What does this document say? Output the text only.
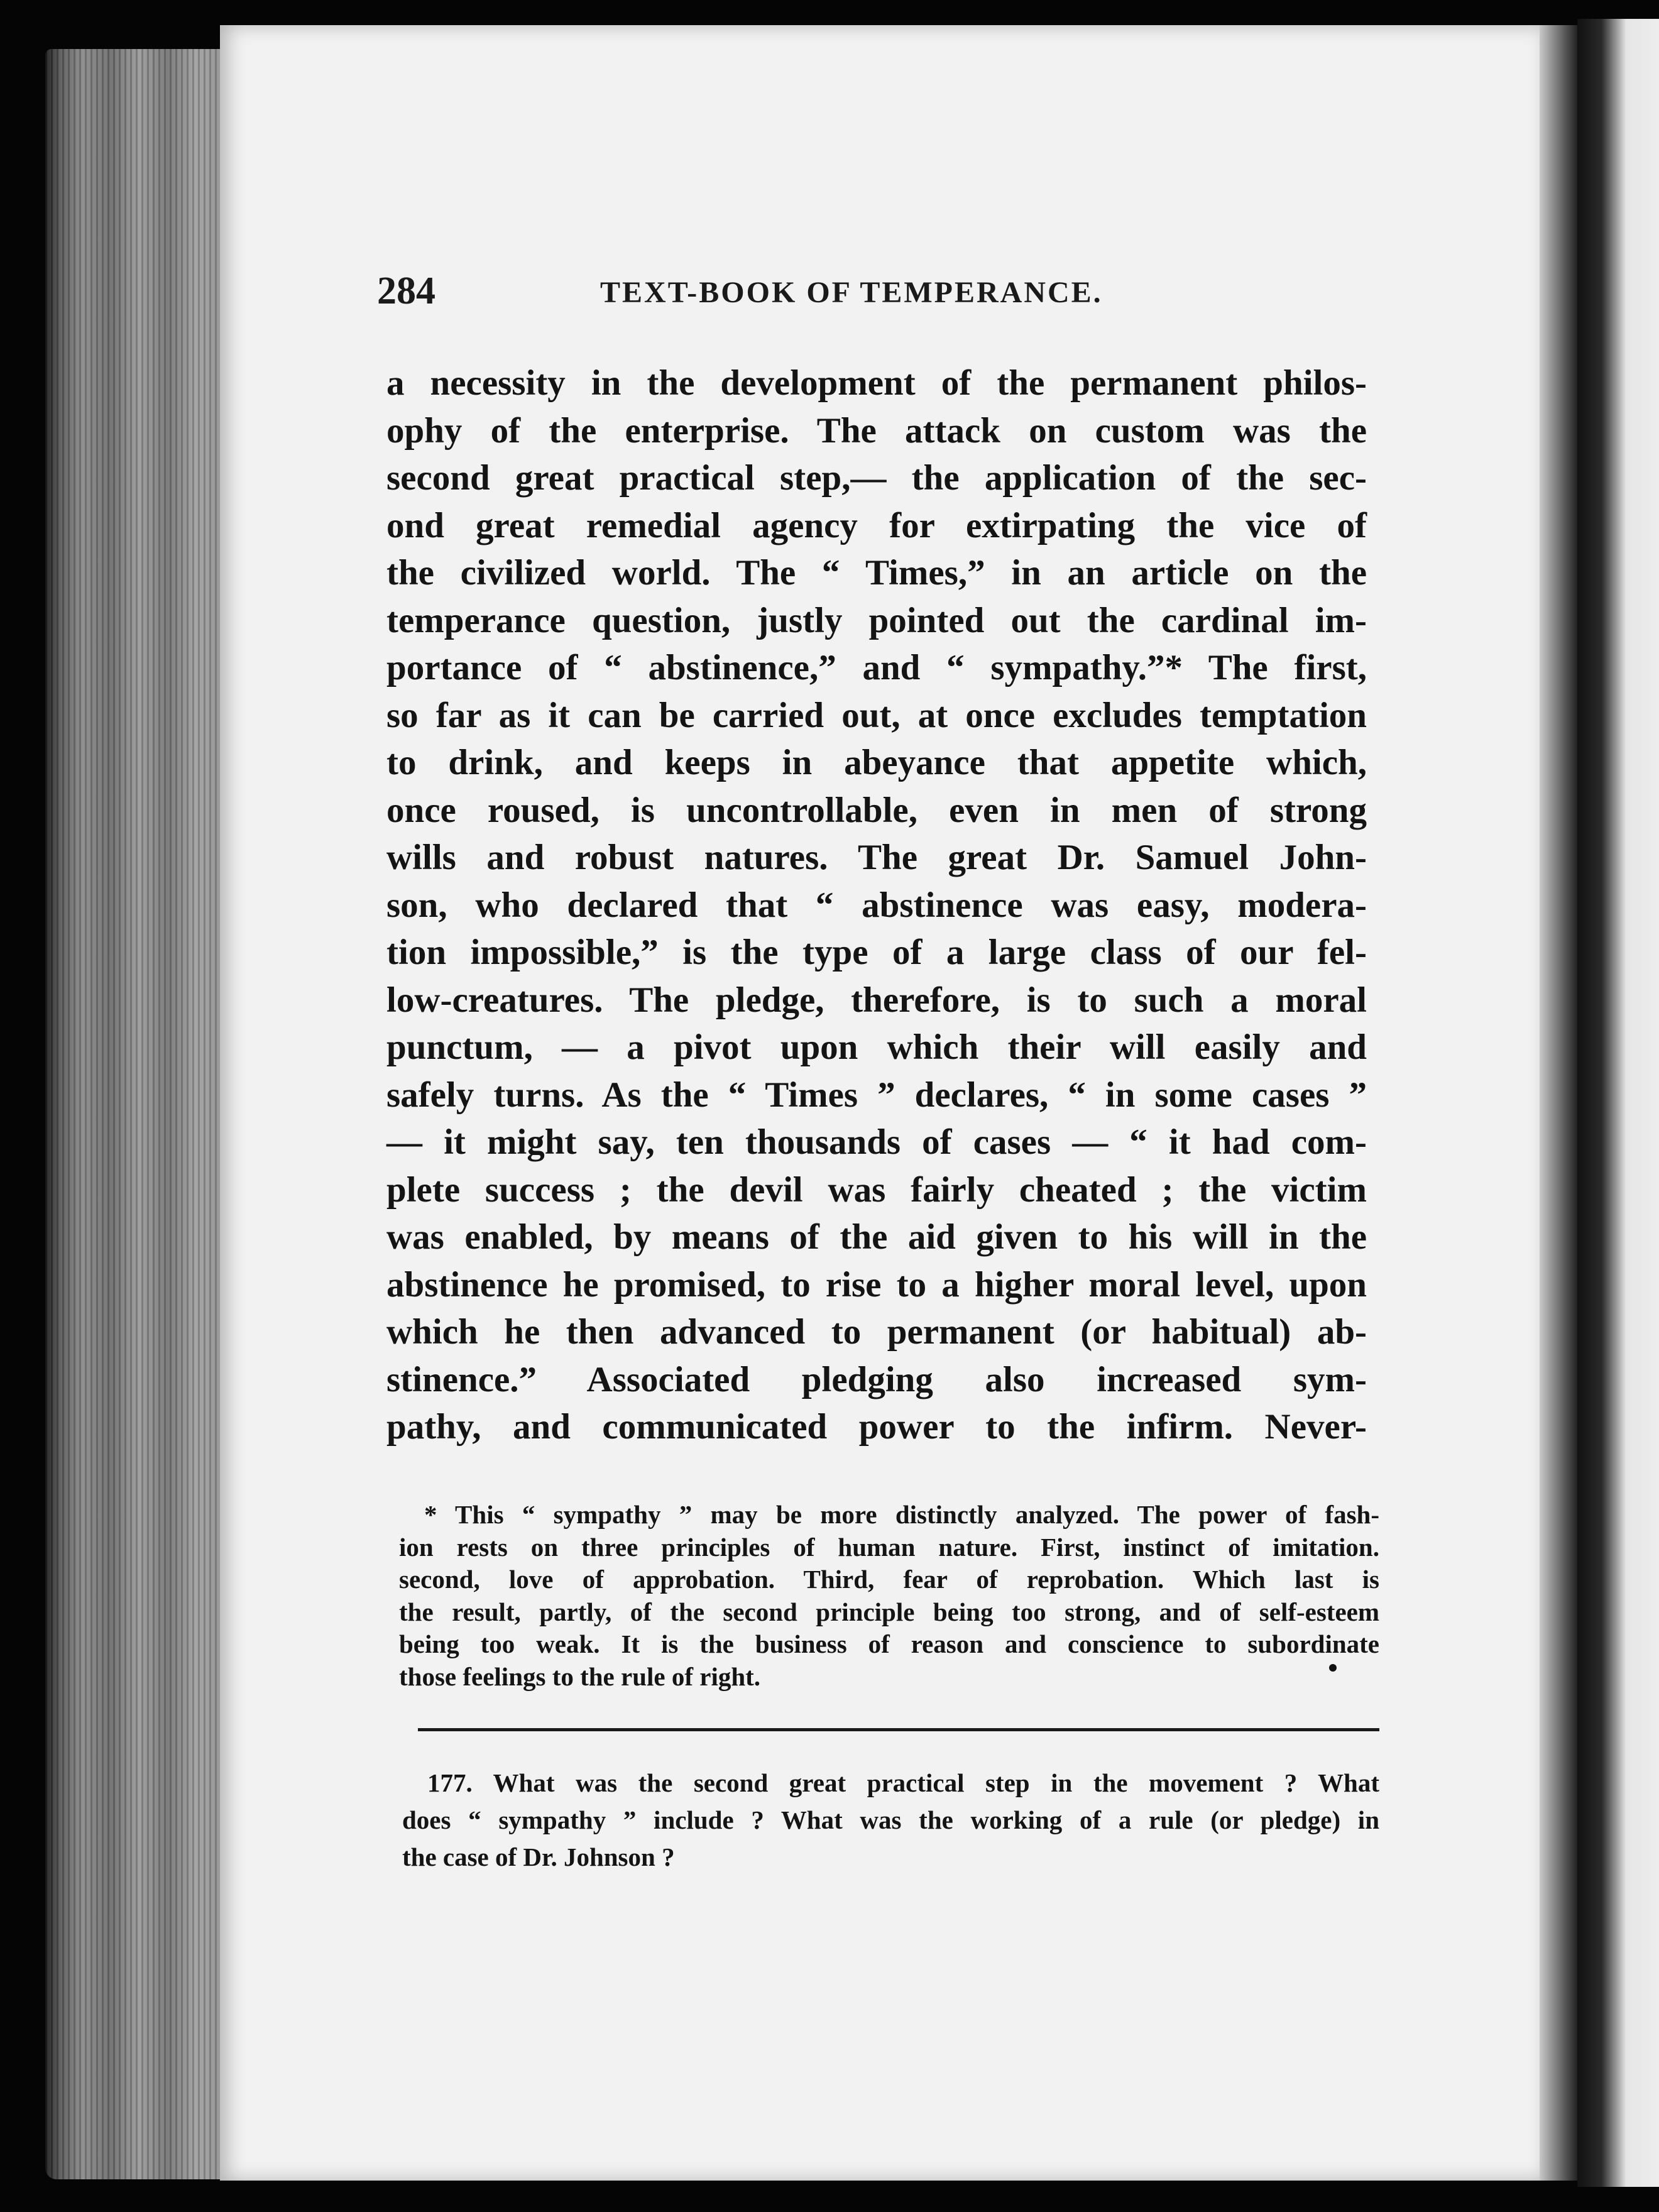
284	TEXT-BOOK OF TEMPERANCE.
a necessity in the development of the permanent philos-
ophy of the enterprise. The attack on custom was the
second great practical step,— the application of the sec-
ond great remedial agency for extirpating the vice of
the civilized world. The “ Times,” in an article on the
temperance question, justly pointed out the cardinal im-
portance of “ abstinence,” and “ sympathy.”* The first,
so far as it can be carried out, at once excludes temptation
to drink, and keeps in abeyance that appetite which,
once roused, is uncontrollable, even in men of strong
wills and robust natures. The great Dr. Samuel John-
son, who declared that “ abstinence was easy, modera-
tion impossible,” is the type of a large class of our fel-
low-creatures. The pledge, therefore, is to such a moral
punctum, — a pivot upon which their will easily and
safely turns. As the “ Times ” declares, “ in some cases ”
— it might say, ten thousands of cases — “ it had com-
plete success ; the devil was fairly cheated ; the victim
was enabled, by means of the aid given to his will in the
abstinence he promised, to rise to a higher moral level, upon
which he then advanced to permanent (or habitual) ab-
stinence.” Associated pledging also increased sym-
pathy, and communicated power to the infirm. Never-
* This “ sympathy ” may be more distinctly analyzed. The power of fash-
ion rests on three principles of human nature. First, instinct of imitation.
second, love of approbation. Third, fear of reprobation. Which last is
the result, partly, of the second principle being too strong, and of self-esteem
being too weak. It is the business of reason and conscience to subordinate
those feelings to the rule of right.
177. What was the second great practical step in the movement ? What
does “ sympathy ” include ? What was the working of a rule (or pledge) in
the case of Dr. Johnson ?
